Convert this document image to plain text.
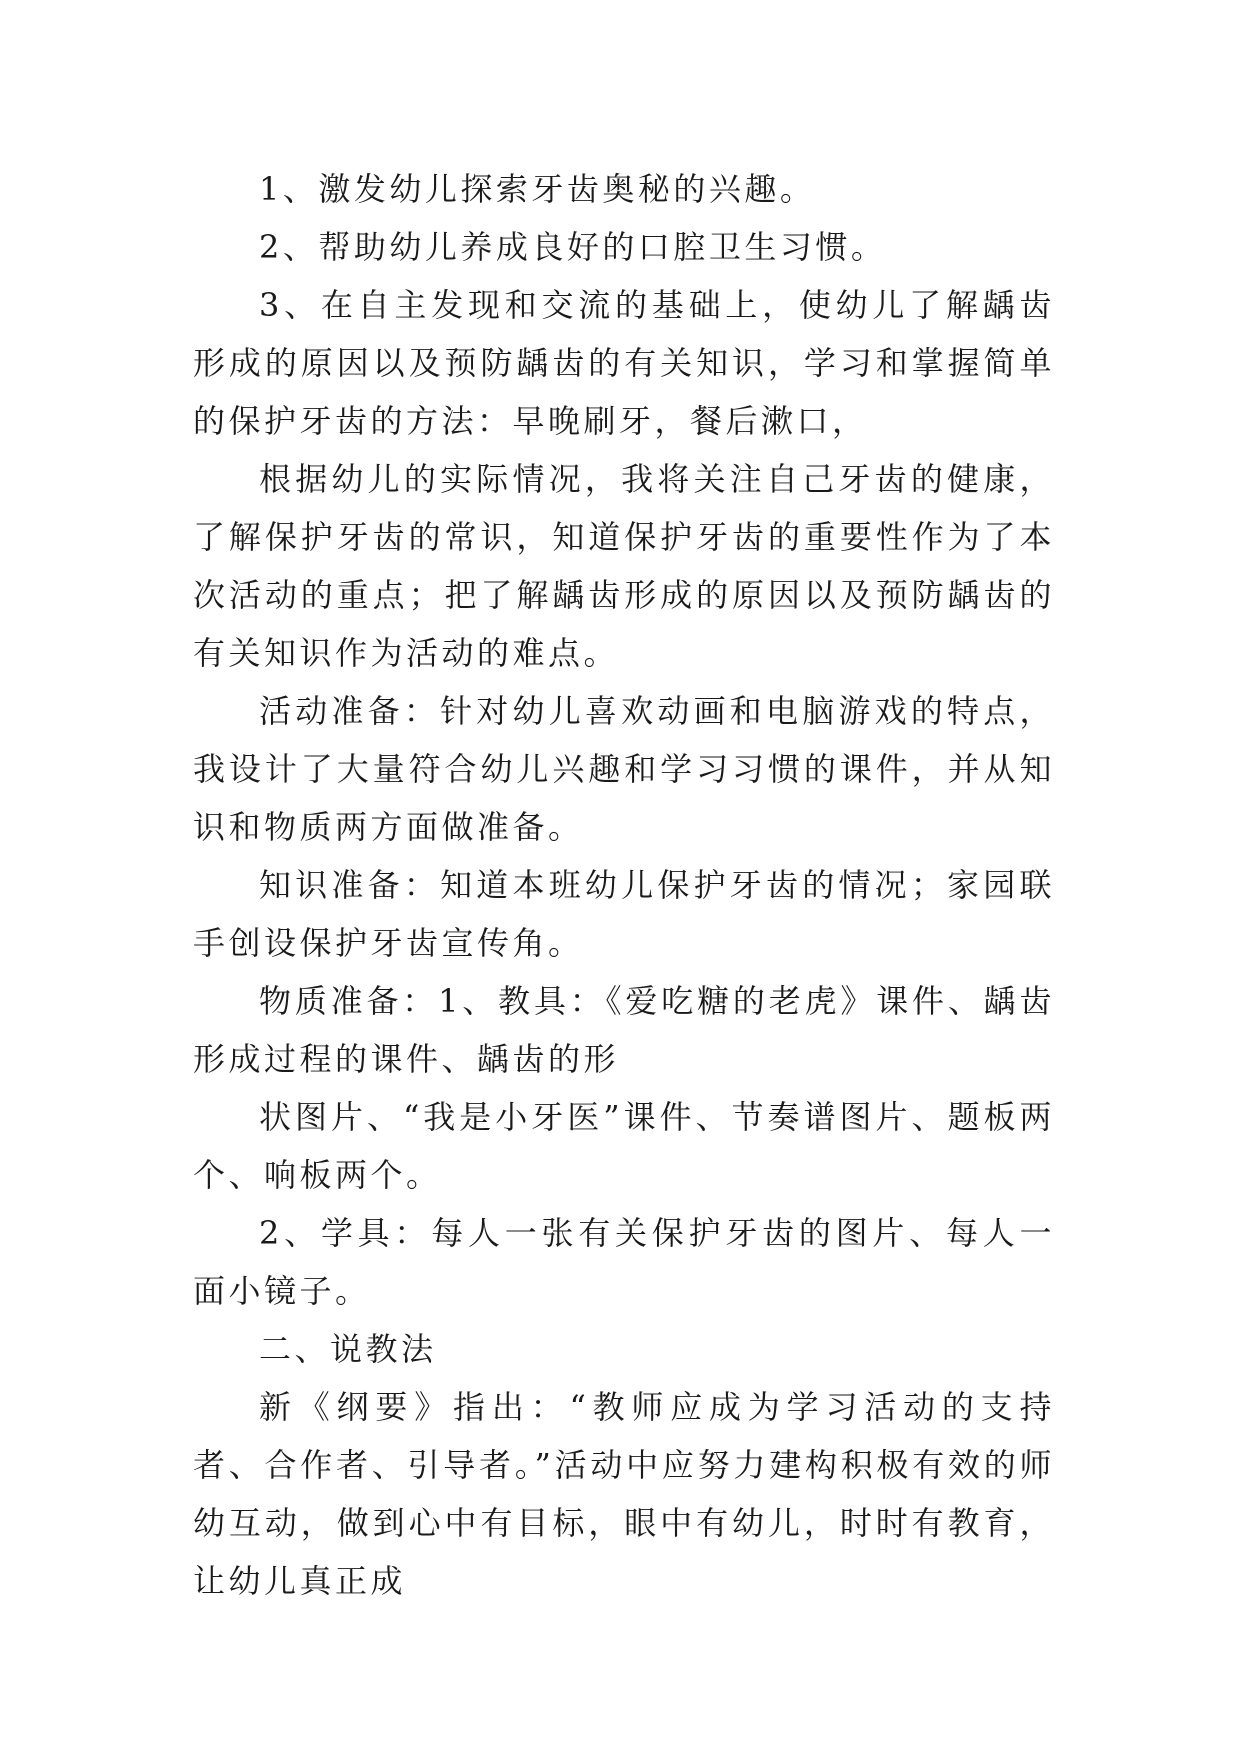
1、激发幼儿探索牙齿奥秘的兴趣。

2、帮助幼儿养成良好的口腔卫生习惯。

3、在自主发现和交流的基础上，使幼儿了解龋齿形成的原因以及预防龋齿的有关知识，学习和掌握简单的保护牙齿的方法：早晚刷牙，餐后漱口，

根据幼儿的实际情况，我将关注自己牙齿的健康，了解保护牙齿的常识，知道保护牙齿的重要性作为了本次活动的重点；把了解龋齿形成的原因以及预防龋齿的有关知识作为活动的难点。

活动准备：针对幼儿喜欢动画和电脑游戏的特点，我设计了大量符合幼儿兴趣和学习习惯的课件，并从知识和物质两方面做准备。

知识准备：知道本班幼儿保护牙齿的情况；家园联手创设保护牙齿宣传角。

物质准备：1、教具：《爱吃糖的老虎》课件、龋齿形成过程的课件、龋齿的形

状图片、“我是小牙医”课件、节奏谱图片、题板两个、响板两个。

2、学具：每人一张有关保护牙齿的图片、每人一面小镜子。

二、说教法

新《纲要》指出：“教师应成为学习活动的支持者、合作者、引导者。”活动中应努力建构积极有效的师幼互动，做到心中有目标，眼中有幼儿，时时有教育，让幼儿真正成
